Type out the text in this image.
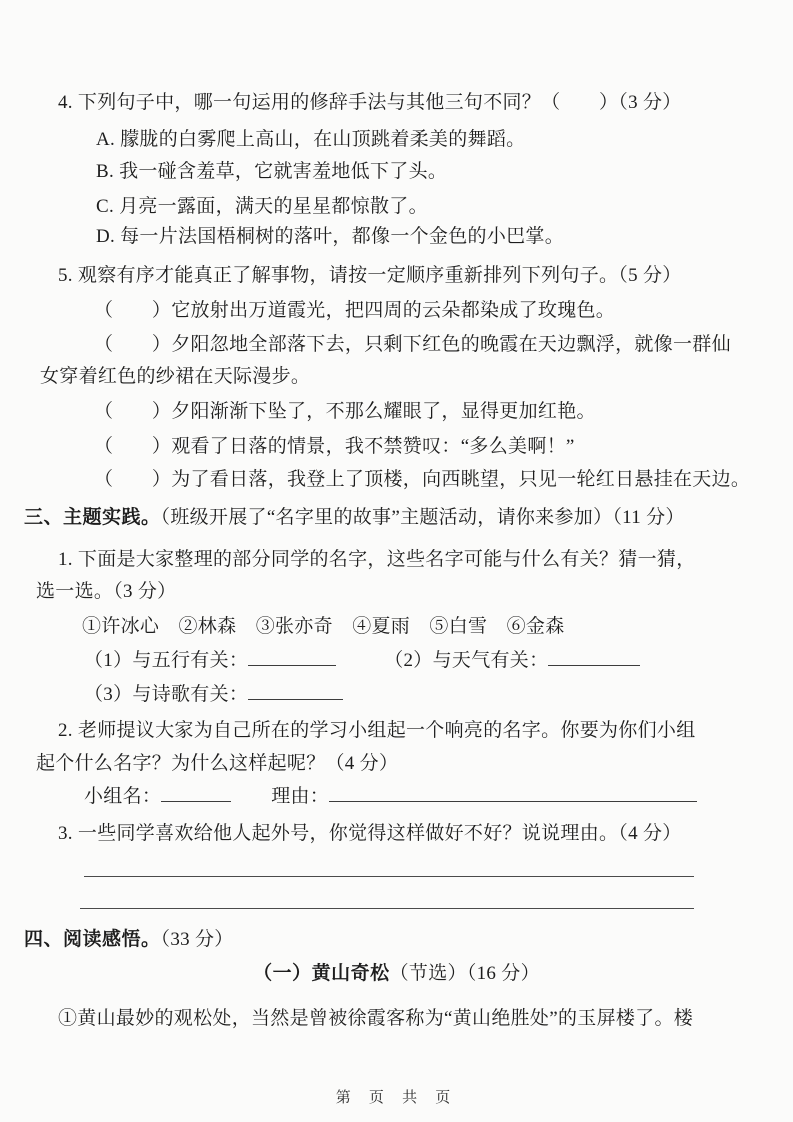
4. 下列句子中，哪一句运用的修辞手法与其他三句不同？（　　）（3 分）
A. 朦胧的白雾爬上高山，在山顶跳着柔美的舞蹈。
B. 我一碰含羞草，它就害羞地低下了头。
C. 月亮一露面，满天的星星都惊散了。
D. 每一片法国梧桐树的落叶，都像一个金色的小巴掌。
5. 观察有序才能真正了解事物，请按一定顺序重新排列下列句子。（5 分）
（　　）它放射出万道霞光，把四周的云朵都染成了玫瑰色。
（　　）夕阳忽地全部落下去，只剩下红色的晚霞在天边飘浮，就像一群仙
女穿着红色的纱裙在天际漫步。
（　　）夕阳渐渐下坠了，不那么耀眼了，显得更加红艳。
（　　）观看了日落的情景，我不禁赞叹：“多么美啊！”
（　　）为了看日落，我登上了顶楼，向西眺望，只见一轮红日悬挂在天边。
三、主题实践。（班级开展了“名字里的故事”主题活动，请你来参加）（11 分）
1. 下面是大家整理的部分同学的名字，这些名字可能与什么有关？猜一猜，
选一选。（3 分）
①许冰心　②林森　③张亦奇　④夏雨　⑤白雪　⑥金森
（1）与五行有关：	（2）与天气有关：
（3）与诗歌有关：
2. 老师提议大家为自己所在的学习小组起一个响亮的名字。你要为你们小组
起个什么名字？为什么这样起呢？（4 分）
小组名：	理由：
3. 一些同学喜欢给他人起外号，你觉得这样做好不好？说说理由。（4 分）
四、阅读感悟。（33 分）
（一）黄山奇松（节选）（16 分）
①黄山最妙的观松处，当然是曾被徐霞客称为“黄山绝胜处”的玉屏楼了。楼
第 页 共 页
